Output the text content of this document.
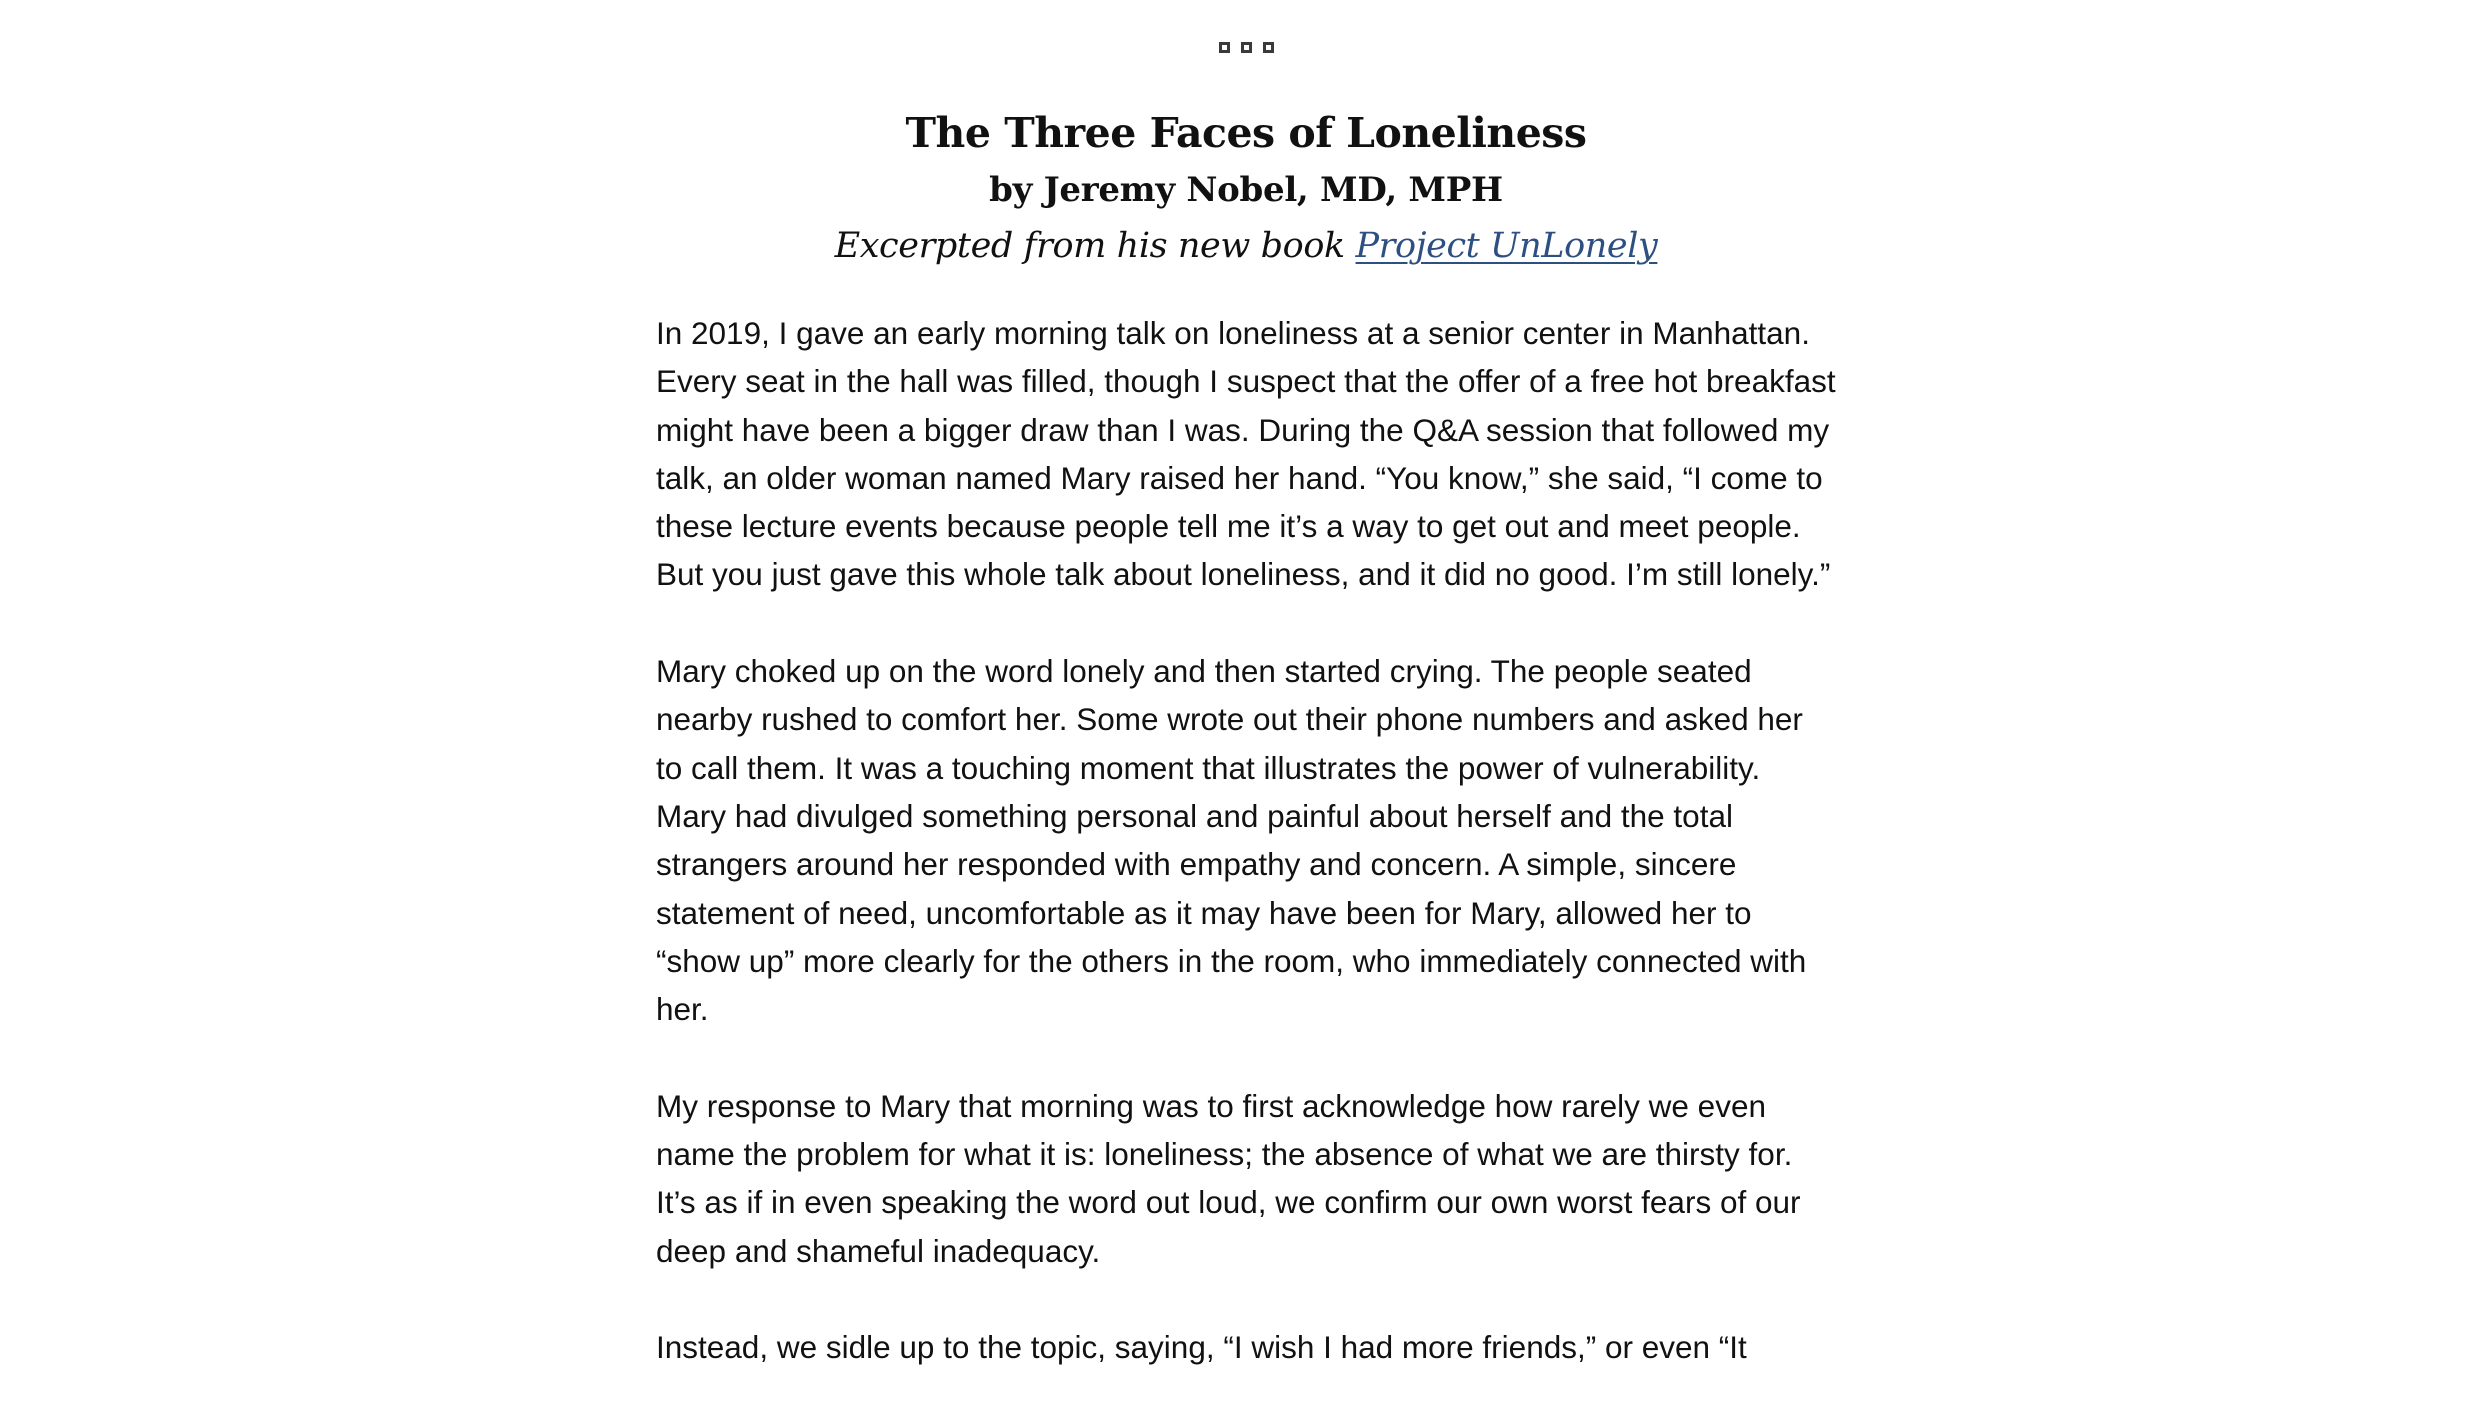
The Three Faces of Loneliness
by Jeremy Nobel, MD, MPH
Excerpted from his new book Project UnLonely

In 2019, I gave an early morning talk on loneliness at a senior center in Manhattan. Every seat in the hall was filled, though I suspect that the offer of a free hot breakfast might have been a bigger draw than I was. During the Q&A session that followed my talk, an older woman named Mary raised her hand. “You know,” she said, “I come to these lecture events because people tell me it’s a way to get out and meet people. But you just gave this whole talk about loneliness, and it did no good. I’m still lonely.”

Mary choked up on the word lonely and then started crying. The people seated nearby rushed to comfort her. Some wrote out their phone numbers and asked her to call them. It was a touching moment that illustrates the power of vulnerability. Mary had divulged something personal and painful about herself and the total strangers around her responded with empathy and concern. A simple, sincere statement of need, uncomfortable as it may have been for Mary, allowed her to “show up” more clearly for the others in the room, who immediately connected with her.

My response to Mary that morning was to first acknowledge how rarely we even name the problem for what it is: loneliness; the absence of what we are thirsty for. It’s as if in even speaking the word out loud, we confirm our own worst fears of our deep and shameful inadequacy.

Instead, we sidle up to the topic, saying, “I wish I had more friends,” or even “It
